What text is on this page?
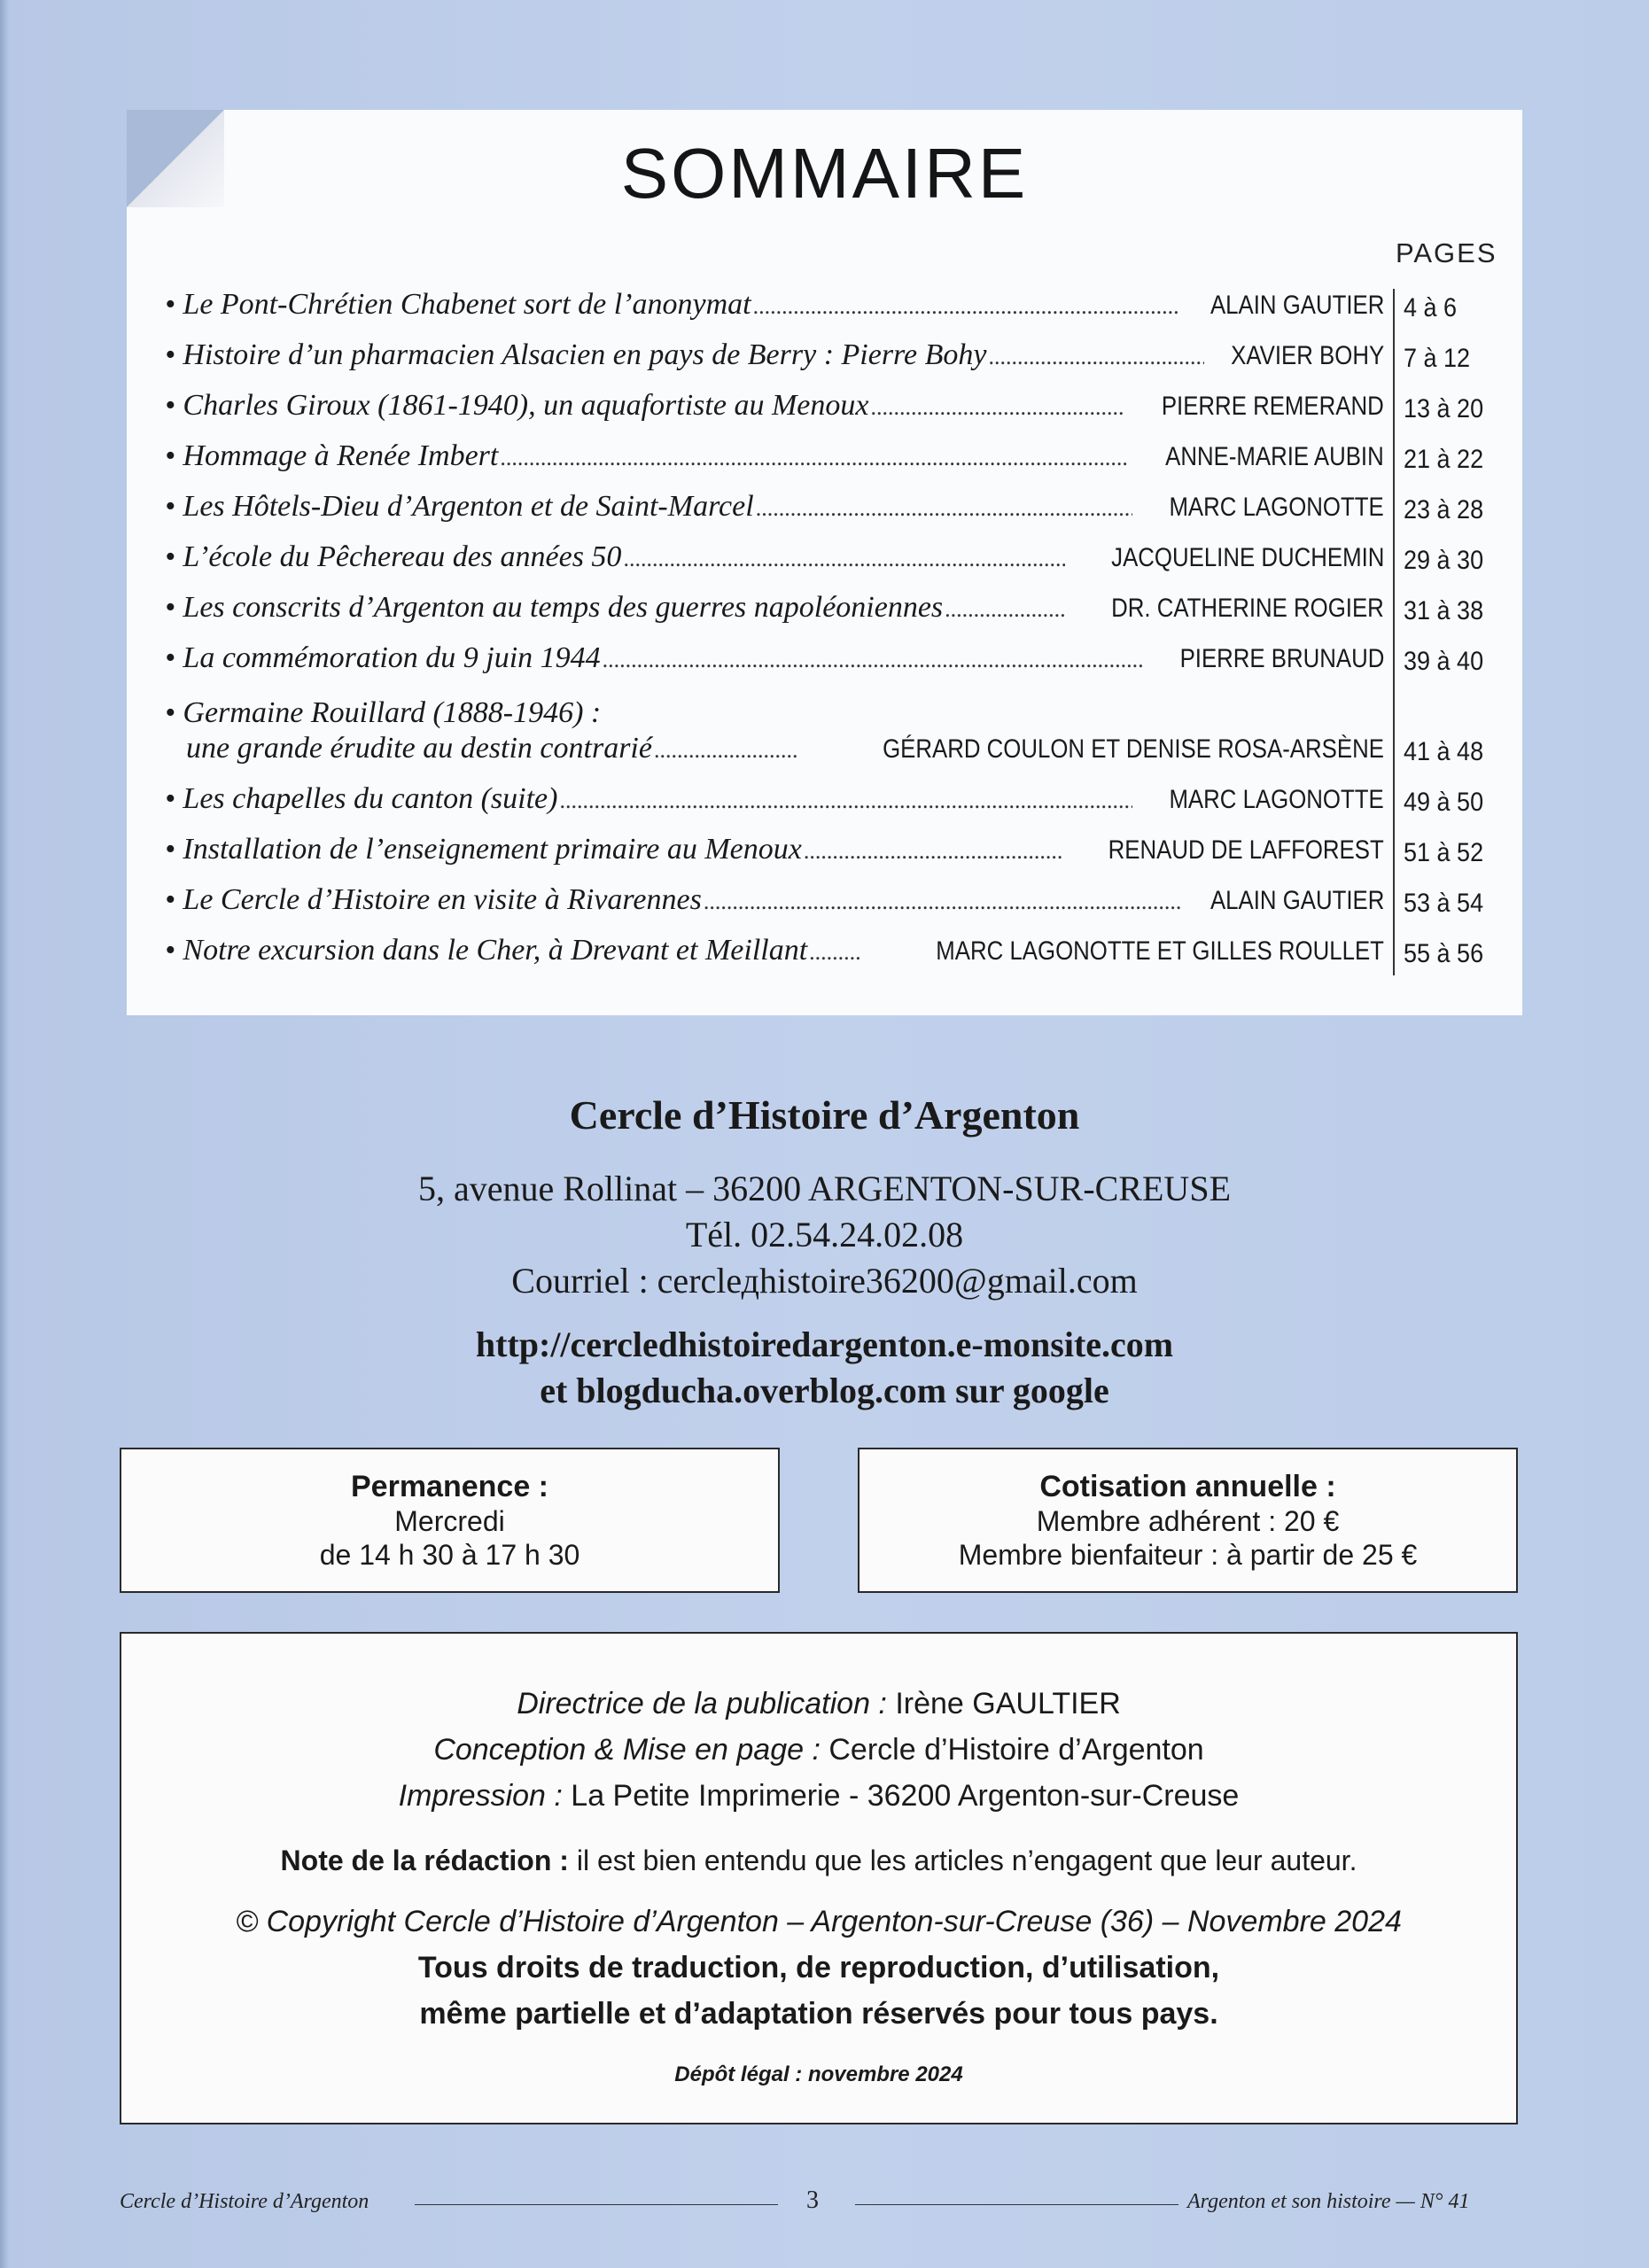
SOMMAIRE
PAGES
• Le Pont-Chrétien Chabenet sort de l’anonymat .....	ALAIN GAUTIER 4 à 6
• Histoire d’un pharmacien Alsacien en pays de Berry : Pierre Bohy .....	XAVIER BOHY 7 à 12
• Charles Giroux (1861-1940), un aquafortiste au Menoux .....	PIERRE REMERAND 13 à 20
• Hommage à Renée Imbert .....	ANNE-MARIE AUBIN 21 à 22
• Les Hôtels-Dieu d’Argenton et de Saint-Marcel .....	MARC LAGONOTTE 23 à 28
• L’école du Pêchereau des années 50 .....	JACQUELINE DUCHEMIN 29 à 30
• Les conscrits d’Argenton au temps des guerres napoléoniennes .....	DR. CATHERINE ROGIER 31 à 38
• La commémoration du 9 juin 1944 .....	PIERRE BRUNAUD 39 à 40
• Germaine Rouillard (1888-1946) :
une grande érudite au destin contrarié .....	GÉRARD COULON ET DENISE ROSA-ARSÈNE 41 à 48
• Les chapelles du canton (suite) .....	MARC LAGONOTTE 49 à 50
• Installation de l’enseignement primaire au Menoux .....	RENAUD DE LAFFOREST 51 à 52
• Le Cercle d’Histoire en visite à Rivarennes .....	ALAIN GAUTIER 53 à 54
• Notre excursion dans le Cher, à Drevant et Meillant .....	MARC LAGONOTTE ET GILLES ROULLET 55 à 56
Cercle d’Histoire d’Argenton
5, avenue Rollinat – 36200 ARGENTON-SUR-CREUSE
Tél. 02.54.24.02.08
Courriel : cerclедhistoire36200@gmail.com
http://cercledhistoiredargenton.e-monsite.com
et blogducha.overblog.com sur google
Permanence :
Mercredi
de 14 h 30 à 17 h 30
Cotisation annuelle :
Membre adhérent : 20 €
Membre bienfaiteur : à partir de 25 €
Directrice de la publication : Irène GAULTIER
Conception & Mise en page : Cercle d’Histoire d’Argenton
Impression : La Petite Imprimerie - 36200 Argenton-sur-Creuse
Note de la rédaction : il est bien entendu que les articles n’engagent que leur auteur.
© Copyright Cercle d’Histoire d’Argenton – Argenton-sur-Creuse (36) – Novembre 2024
Tous droits de traduction, de reproduction, d’utilisation,
même partielle et d’adaptation réservés pour tous pays.
Dépôt légal : novembre 2024
Cercle d’Histoire d’Argenton	3	Argenton et son histoire — N° 41
